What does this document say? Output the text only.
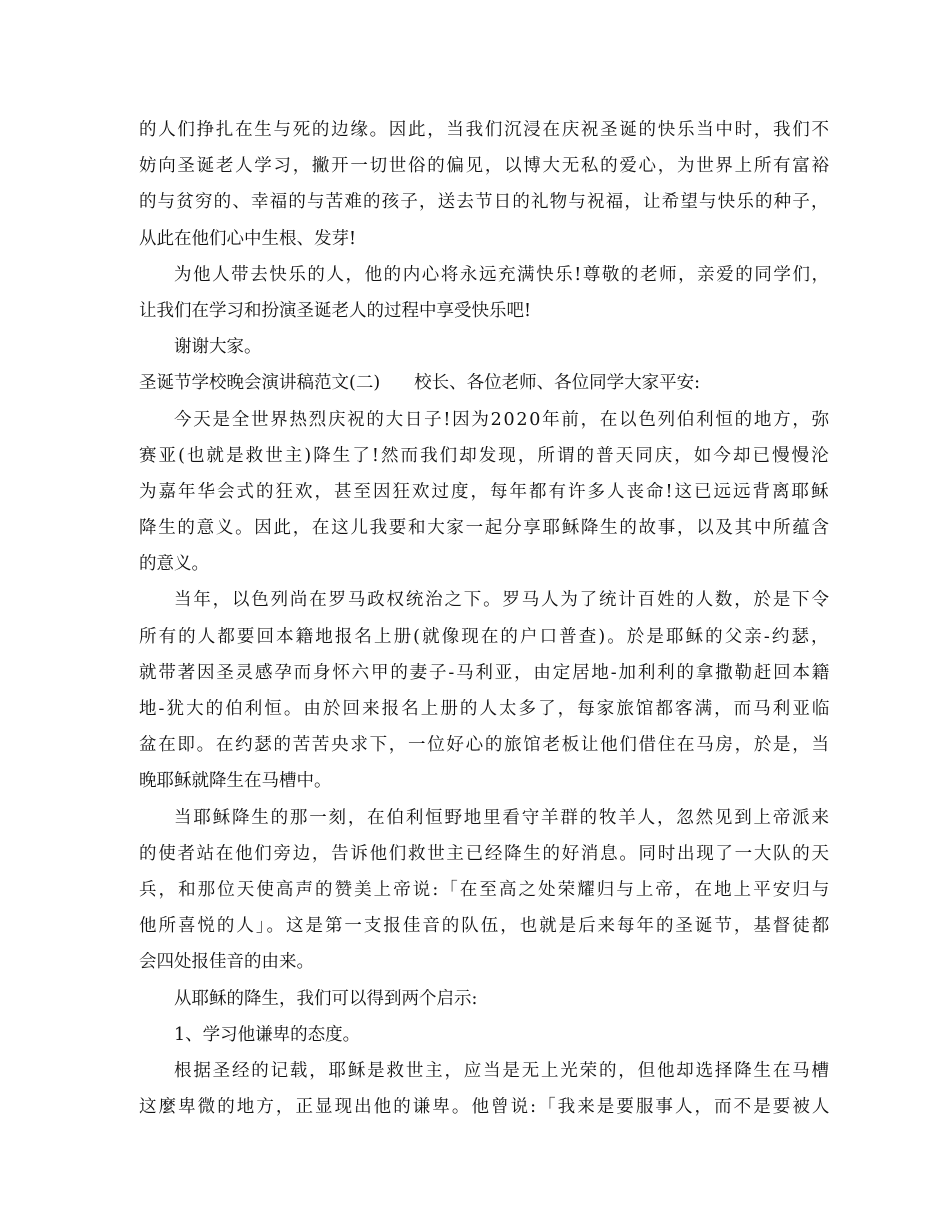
的人们挣扎在生与死的边缘。因此，当我们沉浸在庆祝圣诞的快乐当中时，我们不
妨向圣诞老人学习，撇开一切世俗的偏见，以博大无私的爱心，为世界上所有富裕
的与贫穷的、幸福的与苦难的孩子，送去节日的礼物与祝福，让希望与快乐的种子，
从此在他们心中生根、发芽!
为他人带去快乐的人，他的内心将永远充满快乐!尊敬的老师，亲爱的同学们，
让我们在学习和扮演圣诞老人的过程中享受快乐吧!
谢谢大家。
圣诞节学校晚会演讲稿范文(二) 校长、各位老师、各位同学大家平安:
今天是全世界热烈庆祝的大日子!因为2020年前，在以色列伯利恒的地方，弥
赛亚(也就是救世主)降生了!然而我们却发现，所谓的普天同庆，如今却已慢慢沦
为嘉年华会式的狂欢，甚至因狂欢过度，每年都有许多人丧命!这已远远背离耶稣
降生的意义。因此，在这儿我要和大家一起分享耶稣降生的故事，以及其中所蕴含
的意义。
当年，以色列尚在罗马政权统治之下。罗马人为了统计百姓的人数，於是下令
所有的人都要回本籍地报名上册(就像现在的户口普查)。於是耶稣的父亲-约瑟，
就带著因圣灵感孕而身怀六甲的妻子-马利亚，由定居地-加利利的拿撒勒赶回本籍
地-犹大的伯利恒。由於回来报名上册的人太多了，每家旅馆都客满，而马利亚临
盆在即。在约瑟的苦苦央求下，一位好心的旅馆老板让他们借住在马房，於是，当
晚耶稣就降生在马槽中。
当耶稣降生的那一刻，在伯利恒野地里看守羊群的牧羊人，忽然见到上帝派来
的使者站在他们旁边，告诉他们救世主已经降生的好消息。同时出现了一大队的天
兵，和那位天使高声的赞美上帝说:「在至高之处荣耀归与上帝，在地上平安归与
他所喜悦的人」。这是第一支报佳音的队伍，也就是后来每年的圣诞节，基督徒都
会四处报佳音的由来。
从耶稣的降生，我们可以得到两个启示:
1、学习他谦卑的态度。
根据圣经的记载，耶稣是救世主，应当是无上光荣的，但他却选择降生在马槽
这麼卑微的地方，正显现出他的谦卑。他曾说:「我来是要服事人，而不是要被人
